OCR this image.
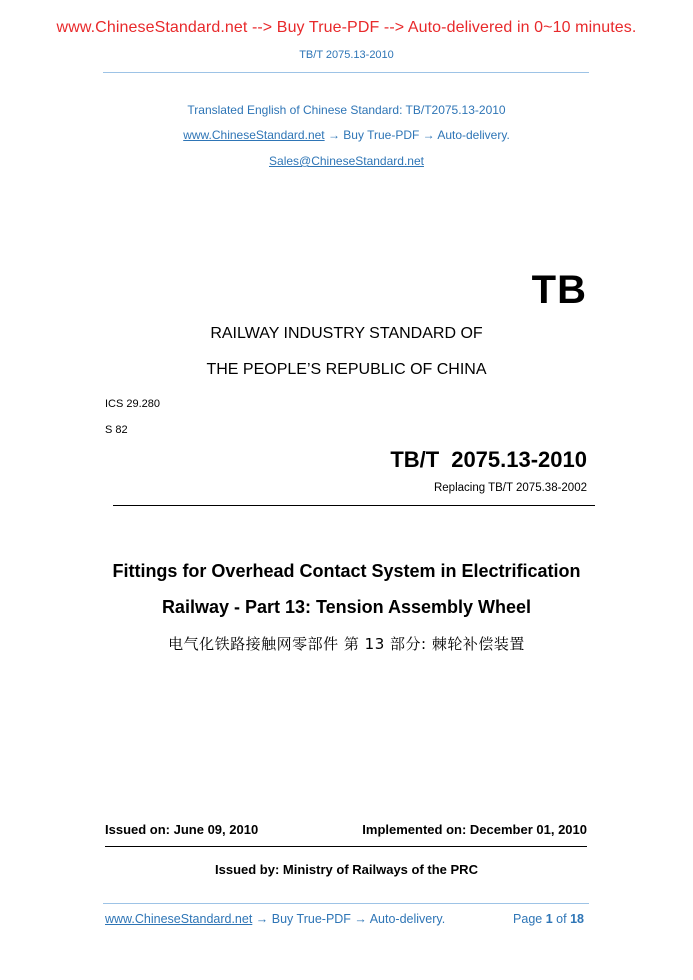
www.ChineseStandard.net --> Buy True-PDF --> Auto-delivered in 0~10 minutes.
TB/T 2075.13-2010
Translated English of Chinese Standard: TB/T2075.13-2010
www.ChineseStandard.net → Buy True-PDF → Auto-delivery.
Sales@ChineseStandard.net
TB
RAILWAY INDUSTRY STANDARD OF
THE PEOPLE’S REPUBLIC OF CHINA
ICS 29.280
S 82
TB/T 2075.13-2010
Replacing TB/T 2075.38-2002
Fittings for Overhead Contact System in Electrification
Railway - Part 13: Tension Assembly Wheel
电气化铁路接触网零部件 第 13 部分: 棘轮补偿装置
Issued on: June 09, 2010	Implemented on: December 01, 2010
Issued by: Ministry of Railways of the PRC
www.ChineseStandard.net → Buy True-PDF → Auto-delivery.	Page 1 of 18
